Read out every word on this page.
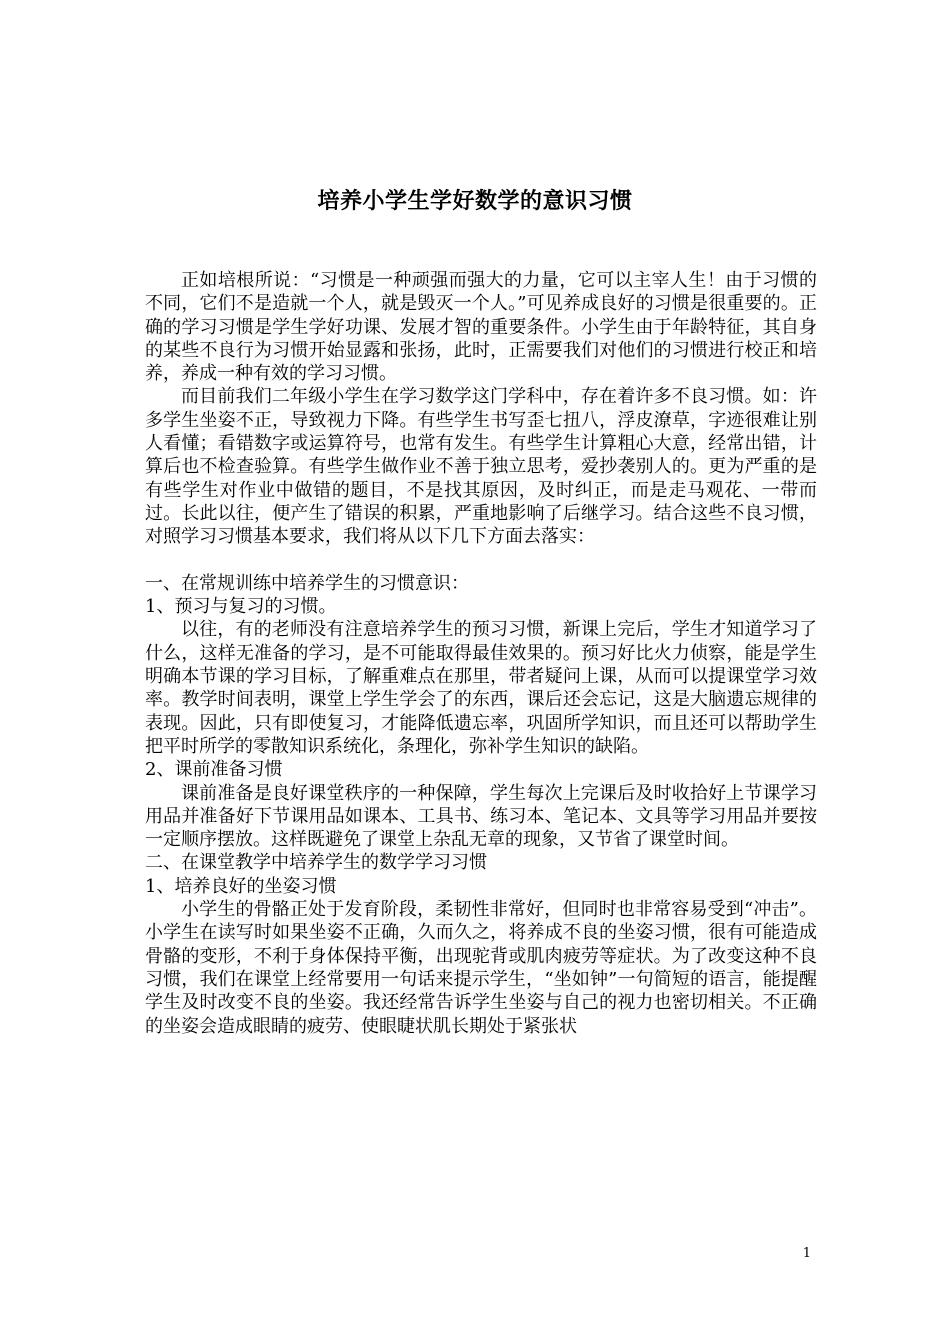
培养小学生学好数学的意识习惯

正如培根所说：“习惯是一种顽强而强大的力量，它可以主宰人生！由于习惯的不同，它们不是造就一个人，就是毁灭一个人。”可见养成良好的习惯是很重要的。正确的学习习惯是学生学好功课、发展才智的重要条件。小学生由于年龄特征，其自身的某些不良行为习惯开始显露和张扬，此时，正需要我们对他们的习惯进行校正和培养，养成一种有效的学习习惯。

而目前我们二年级小学生在学习数学这门学科中，存在着许多不良习惯。如：许多学生坐姿不正，导致视力下降。有些学生书写歪七扭八，浮皮潦草，字迹很难让别人看懂；看错数字或运算符号，也常有发生。有些学生计算粗心大意，经常出错，计算后也不检查验算。有些学生做作业不善于独立思考，爱抄袭别人的。更为严重的是有些学生对作业中做错的题目，不是找其原因，及时纠正，而是走马观花、一带而过。长此以往，便产生了错误的积累，严重地影响了后继学习。结合这些不良习惯，对照学习习惯基本要求，我们将从以下几下方面去落实：

一、在常规训练中培养学生的习惯意识：

1、预习与复习的习惯。

以往，有的老师没有注意培养学生的预习习惯，新课上完后，学生才知道学习了什么，这样无准备的学习，是不可能取得最佳效果的。预习好比火力侦察，能是学生明确本节课的学习目标，了解重难点在那里，带者疑问上课，从而可以提课堂学习效率。教学时间表明，课堂上学生学会了的东西，课后还会忘记，这是大脑遗忘规律的表现。因此，只有即使复习，才能降低遗忘率，巩固所学知识，而且还可以帮助学生把平时所学的零散知识系统化，条理化，弥补学生知识的缺陷。

2、课前准备习惯

课前准备是良好课堂秩序的一种保障，学生每次上完课后及时收拾好上节课学习用品并准备好下节课用品如课本、工具书、练习本、笔记本、文具等学习用品并要按一定顺序摆放。这样既避免了课堂上杂乱无章的现象，又节省了课堂时间。

二、在课堂教学中培养学生的数学学习习惯

1、培养良好的坐姿习惯

小学生的骨骼正处于发育阶段，柔韧性非常好，但同时也非常容易受到“冲击”。小学生在读写时如果坐姿不正确，久而久之，将养成不良的坐姿习惯，很有可能造成骨骼的变形，不利于身体保持平衡，出现驼背或肌肉疲劳等症状。为了改变这种不良习惯，我们在课堂上经常要用一句话来提示学生，“坐如钟”一句简短的语言，能提醒学生及时改变不良的坐姿。我还经常告诉学生坐姿与自己的视力也密切相关。不正确的坐姿会造成眼睛的疲劳、使眼睫状肌长期处于紧张状

1
